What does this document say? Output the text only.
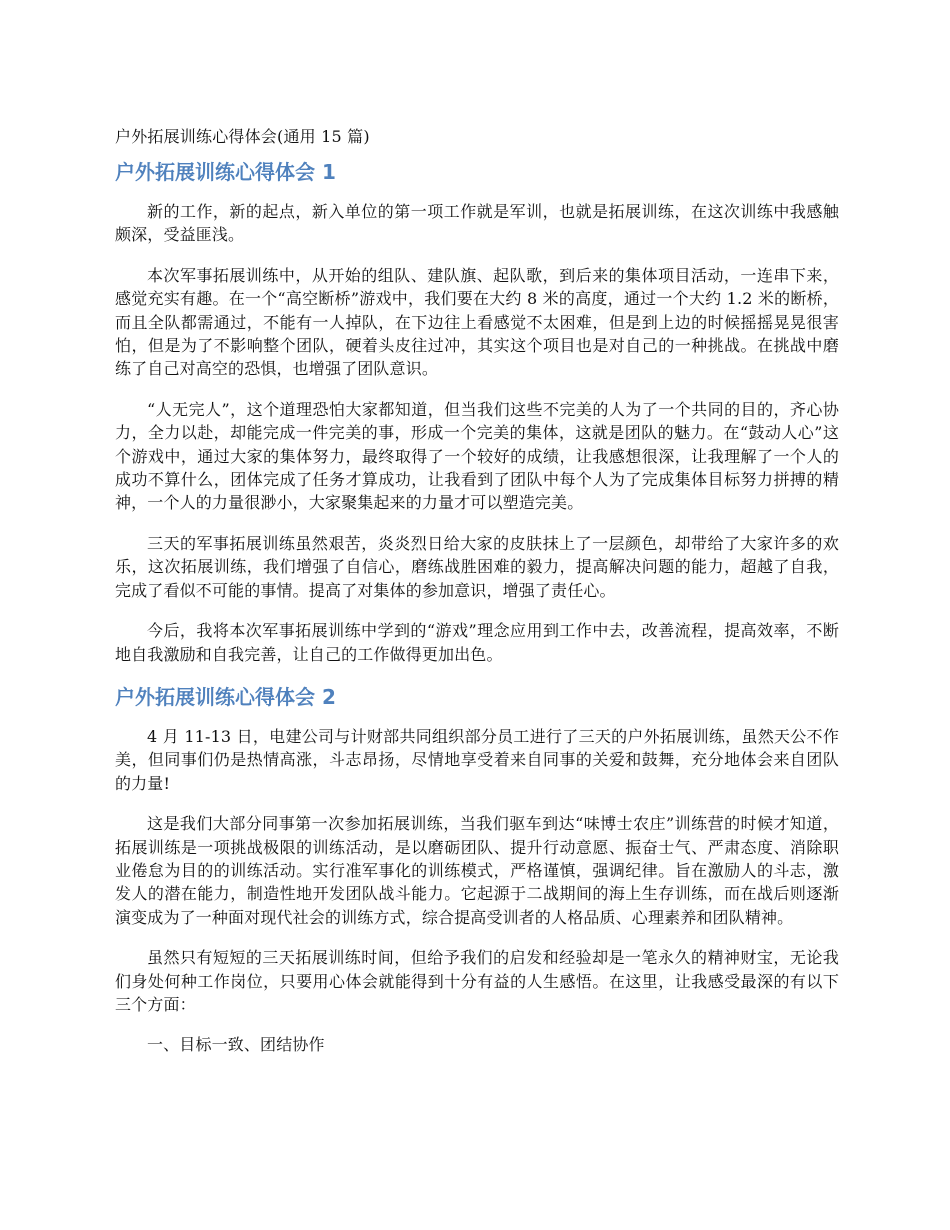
户外拓展训练心得体会(通用 15 篇)
户外拓展训练心得体会 1

新的工作，新的起点，新入单位的第一项工作就是军训，也就是拓展训练，在这次训练中我感触颇深，受益匪浅。

本次军事拓展训练中，从开始的组队、建队旗、起队歌，到后来的集体项目活动，一连串下来，感觉充实有趣。在一个“高空断桥”游戏中，我们要在大约 8 米的高度，通过一个大约 1.2 米的断桥，而且全队都需通过，不能有一人掉队，在下边往上看感觉不太困难，但是到上边的时候摇摇晃晃很害怕，但是为了不影响整个团队，硬着头皮往过冲，其实这个项目也是对自己的一种挑战。在挑战中磨练了自己对高空的恐惧，也增强了团队意识。

“人无完人”，这个道理恐怕大家都知道，但当我们这些不完美的人为了一个共同的目的，齐心协力，全力以赴，却能完成一件完美的事，形成一个完美的集体，这就是团队的魅力。在“鼓动人心”这个游戏中，通过大家的集体努力，最终取得了一个较好的成绩，让我感想很深，让我理解了一个人的成功不算什么，团体完成了任务才算成功，让我看到了团队中每个人为了完成集体目标努力拼搏的精神，一个人的力量很渺小，大家聚集起来的力量才可以塑造完美。

三天的军事拓展训练虽然艰苦，炎炎烈日给大家的皮肤抹上了一层颜色，却带给了大家许多的欢乐，这次拓展训练，我们增强了自信心，磨练战胜困难的毅力，提高解决问题的能力，超越了自我，完成了看似不可能的事情。提高了对集体的参加意识，增强了责任心。

今后，我将本次军事拓展训练中学到的“游戏”理念应用到工作中去，改善流程，提高效率，不断地自我激励和自我完善，让自己的工作做得更加出色。

户外拓展训练心得体会 2

4 月 11-13 日，电建公司与计财部共同组织部分员工进行了三天的户外拓展训练，虽然天公不作美，但同事们仍是热情高涨，斗志昂扬，尽情地享受着来自同事的关爱和鼓舞，充分地体会来自团队的力量!

这是我们大部分同事第一次参加拓展训练，当我们驱车到达“味博士农庄”训练营的时候才知道，拓展训练是一项挑战极限的训练活动，是以磨砺团队、提升行动意愿、振奋士气、严肃态度、消除职业倦怠为目的的训练活动。实行准军事化的训练模式，严格谨慎，强调纪律。旨在激励人的斗志，激发人的潜在能力，制造性地开发团队战斗能力。它起源于二战期间的海上生存训练，而在战后则逐渐演变成为了一种面对现代社会的训练方式，综合提高受训者的人格品质、心理素养和团队精神。

虽然只有短短的三天拓展训练时间，但给予我们的启发和经验却是一笔永久的精神财宝，无论我们身处何种工作岗位，只要用心体会就能得到十分有益的人生感悟。在这里，让我感受最深的有以下三个方面：

一、目标一致、团结协作
